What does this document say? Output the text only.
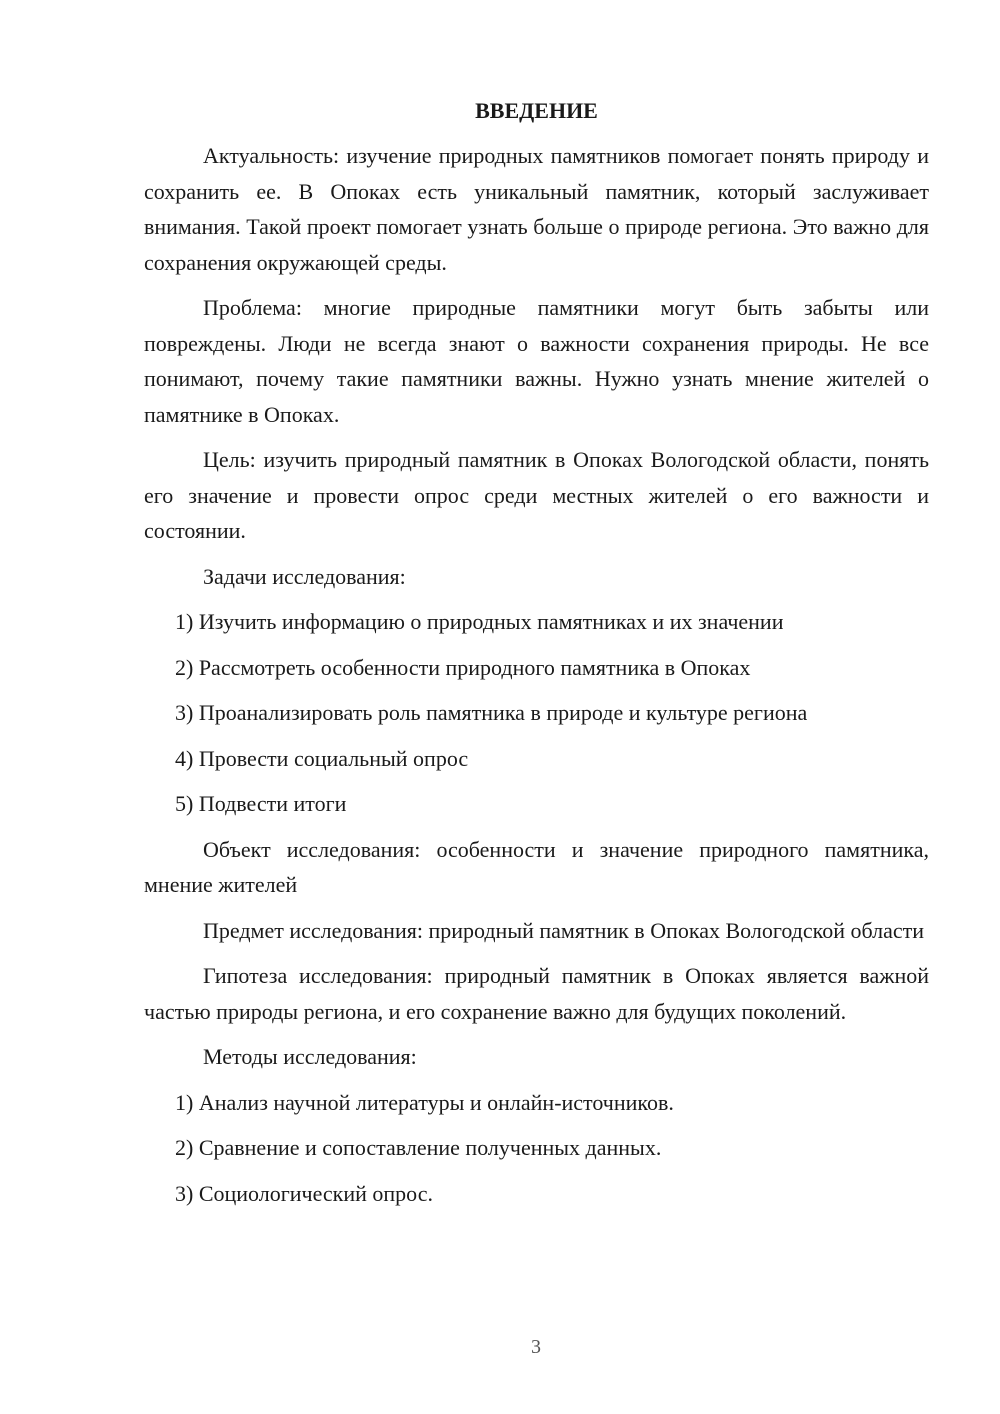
ВВЕДЕНИЕ

Актуальность: изучение природных памятников помогает понять природу и сохранить ее. В Опоках есть уникальный памятник, который заслуживает внимания. Такой проект помогает узнать больше о природе региона. Это важно для сохранения окружающей среды.

Проблема: многие природные памятники могут быть забыты или повреждены. Люди не всегда знают о важности сохранения природы. Не все понимают, почему такие памятники важны. Нужно узнать мнение жителей о памятнике в Опоках.

Цель: изучить природный памятник в Опоках Вологодской области, понять его значение и провести опрос среди местных жителей о его важности и состоянии.

Задачи исследования:
1) Изучить информацию о природных памятниках и их значении
2) Рассмотреть особенности природного памятника в Опоках
3) Проанализировать роль памятника в природе и культуре региона
4) Провести социальный опрос
5) Подвести итоги

Объект исследования: особенности и значение природного памятника, мнение жителей

Предмет исследования: природный памятник в Опоках Вологодской области

Гипотеза исследования: природный памятник в Опоках является важной частью природы региона, и его сохранение важно для будущих поколений.

Методы исследования:
1) Анализ научной литературы и онлайн-источников.
2) Сравнение и сопоставление полученных данных.
3) Социологический опрос.
3
